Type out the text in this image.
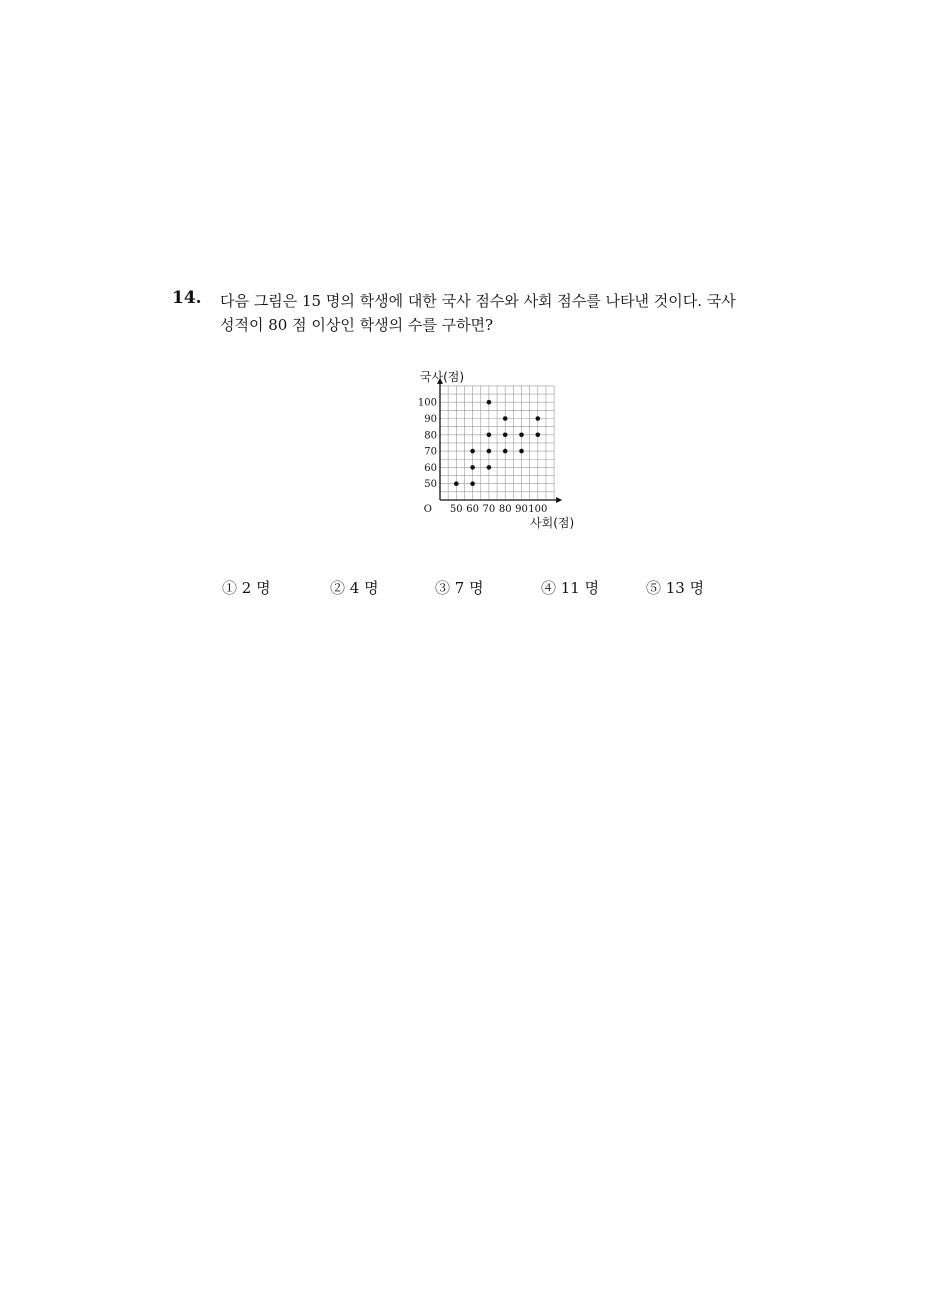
14. 다음 그림은 15 명의 학생에 대한 국사 점수와 사회 점수를 나타낸 것이다. 국사
성적이 80 점 이상인 학생의 수를 구하면?
50 60 70 80 90 100
50
60
70
80
90
100
O
국사(점)
사회(점)
① 2 명	② 4 명	③ 7 명	④ 11 명	⑤ 13 명
